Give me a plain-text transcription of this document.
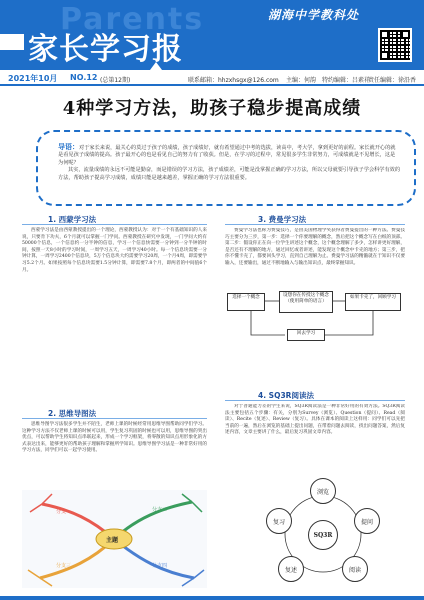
Parents
家长学习报
湖海中学教科处
2021年10月 NO.12 (总第12期)	联系邮箱：hhzxhsgx@126.com 主编：何韵 特约编辑：吕素祥
责任编辑：徐沿香
4种学习方法，助孩子稳步提高成绩

导语：对于家长来说，最关心的莫过于孩子的成绩，孩子成绩好，就有希望通过中考的选拔，读高中，考大学，拿到更好的前程。家长就开心的就是看见孩子成绩的提高。孩子最开心的也是看见自己的努力有了收获。但是，在学习的过程中，常见很多学生非常努力，可成绩就是不见增长，这是为何呢？

其实，流量成绩的永远不可能是勤奋，而是错误的学习方法，孩子成绩差，可能是没掌握正确的学习方法，所以父母就要引导孩子学会科学有效的方法，帮助孩子提高学习成绩，成绩只能是越来越差，掌握正确的学习方法很重要。

1. 西蒙学习法
西蒙学习法是由西蒙教授提出的一个理论，西蒙教授认为：对于一个有基础知识的人来说，只要肯下功夫，6个月就可以掌握一门学问。西蒙教授在研究中发现，一门学问大约有50000个信息，一个信息约一分半钟的信息，学习一个信息快需要一分钟到一分半钟的时间，按照一天8小时的学习时间，一周学习五天，一周学习40小时。每一个信息块需要一分钟计算，一周学习2400个信息块，5万个信息块大约需要学习20周，一个月4周，即需要学习5.2个月。如果按照每个信息块需要1.5分钟计算，即需要7.8个月，即两者的中间值6个月。
2. 思维导图法
思维导图学习法很多学生并不陌生，老师上课的时候经常用思维导图帮助同学们学习。这种学习方法不仅老师上课的时候可以用，学生复习巩固的时候也可以用，思维导图的突出优点，可以帮助学生将知识点串联起来，形成一个学习框架，将零散的知识点用形象化的方式表达出来，能够更好的帮助孩子理解和掌握所学知识。思维导图学习法是一种非常好用的学习方法，同学们可以一起学习使用。
主题
分支一	分支二
分支三	分支四
3. 费曼学习法
费曼学习法也称为费曼技巧，是由美国物理学奖获得者费曼提出的一种方法。费曼技巧主要分为三步，第一步：选择一个你要理解的概念，然后把这个概念写在白纸的顶部。第二步：假设你正在向一位学生讲述这个概念，这个概念理解了多少，怎样讲更好理解，是否还有不理解的地方，通过回忆或者讲述，能发现这个概念中卡壳的地方；第三步，把你不懂卡壳了，都要回头学习，直到自己理解为止。费曼学习法的精髓就在于知识不仅要输入，还要输出，通过不断地输入与输出知识点，最终掌握知识。
选择一个概念	设想你在传授这个概念（使用简单的语言）
如果卡壳了，回顾学习
回去学习
4. SQ3R阅读法
对于普通能力差的学生来说，SQ3R阅读法是一种非常好用的有效方法。SQ3R阅读法主要包括五个步骤：有关，分别为Survey（浏览）、Question（提问）、Read（阅读）、Recite（复述）、Review（复习）。具体在课本的阅读上这样用：同学们可以先把当前的一遍，然后在浏览的基础上提出问题，在带着问题去阅读，找出问题答案，然后复述内容，文章主要讲了什么，最后复习巩固文章内容。
浏览
提问
阅读
复述
复习
SQ3R
